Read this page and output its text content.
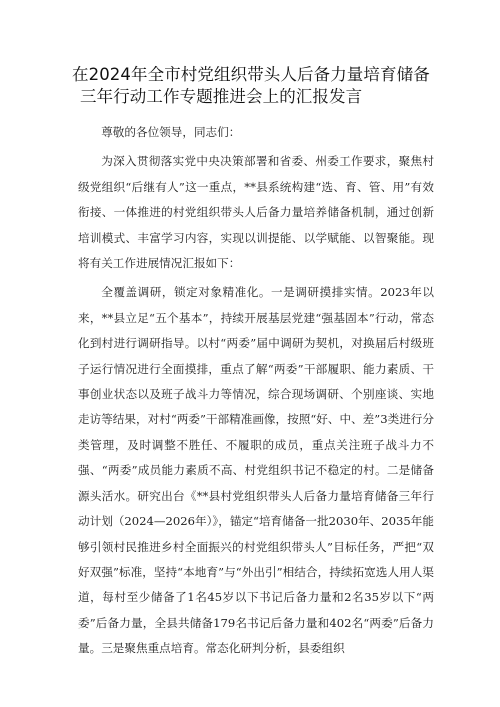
在2024年全市村党组织带头人后备力量培育储备
三年行动工作专题推进会上的汇报发言

尊敬的各位领导，同志们：

为深入贯彻落实党中央决策部署和省委、州委工作要求，聚焦村级党组织“后继有人”这一重点，**县系统构建“选、育、管、用”有效衔接、一体推进的村党组织带头人后备力量培养储备机制，通过创新培训模式、丰富学习内容，实现以训提能、以学赋能、以智聚能。现将有关工作进展情况汇报如下：

全覆盖调研，锁定对象精准化。一是调研摸排实情。2023年以来，**县立足“五个基本”，持续开展基层党建“强基固本”行动，常态化到村进行调研指导。以村“两委”届中调研为契机，对换届后村级班子运行情况进行全面摸排，重点了解“两委”干部履职、能力素质、干事创业状态以及班子战斗力等情况，综合现场调研、个别座谈、实地走访等结果，对村“两委”干部精准画像，按照“好、中、差”3类进行分类管理，及时调整不胜任、不履职的成员，重点关注班子战斗力不强、“两委”成员能力素质不高、村党组织书记不稳定的村。二是储备源头活水。研究出台《**县村党组织带头人后备力量培育储备三年行动计划（2024—2026年）》，锚定“培育储备一批2030年、2035年能够引领村民推进乡村全面振兴的村党组织带头人”目标任务，严把“双好双强”标准，坚持“本地育”与“外出引”相结合，持续拓宽选人用人渠道，每村至少储备了1名45岁以下书记后备力量和2名35岁以下“两委”后备力量，全县共储备179名书记后备力量和402名“两委”后备力量。三是聚焦重点培育。常态化研判分析，县委组织
